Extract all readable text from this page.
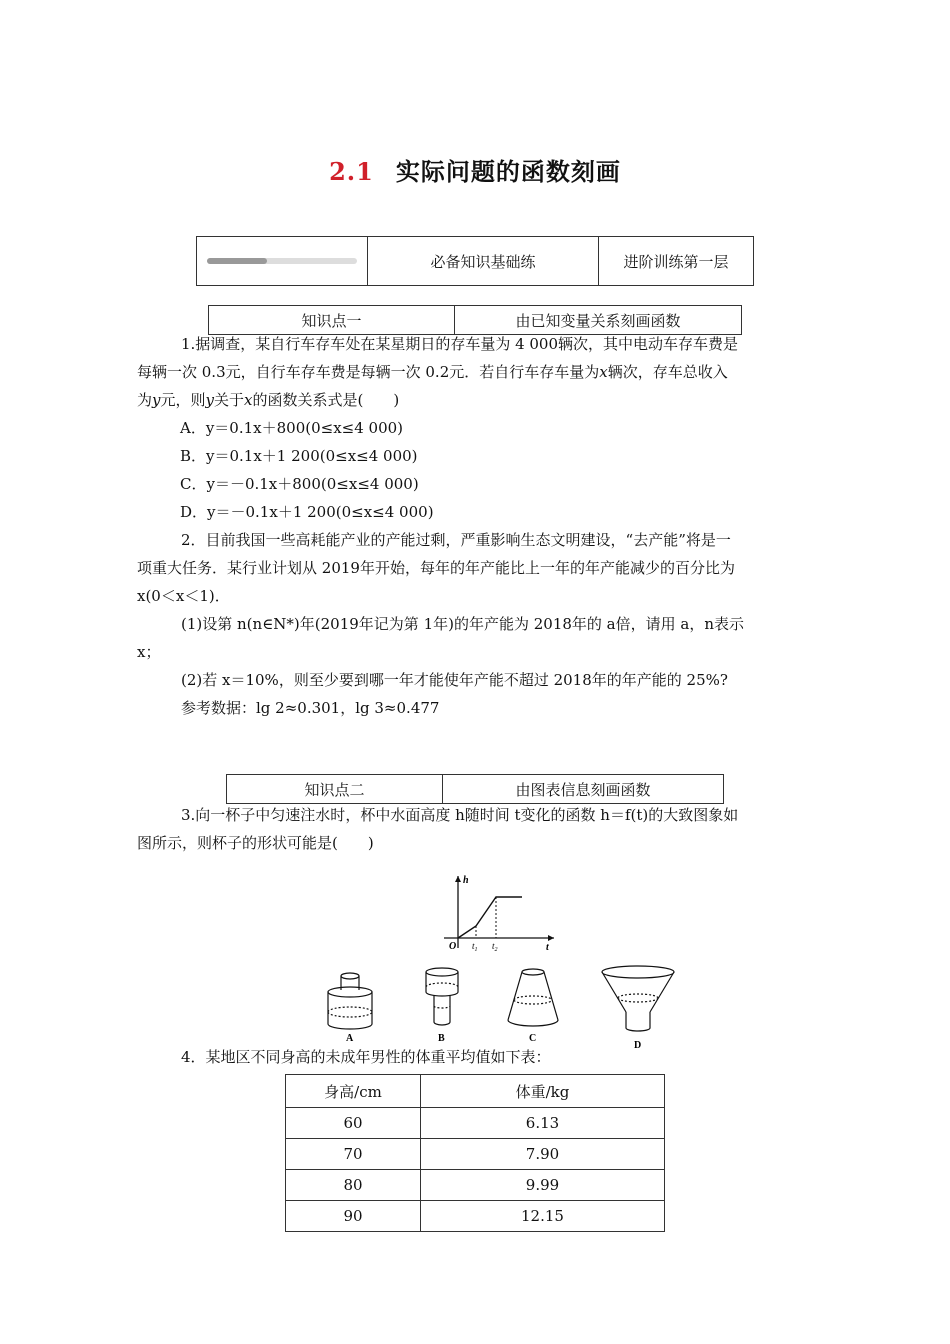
2.1 实际问题的函数刻画
必备知识基础练	进阶训练第一层
知识点一	由已知变量关系刻画函数
1.据调查，某自行车存车处在某星期日的存车量为 4 000辆次，其中电动车存车费是
每辆一次 0.3元，自行车存车费是每辆一次 0.2元．若自行车存车量为x辆次，存车总收入
为y元，则y关于x的函数关系式是(　　)
A．y＝0.1x＋800(0≤x≤4 000)
B．y＝0.1x＋1 200(0≤x≤4 000)
C．y＝－0.1x＋800(0≤x≤4 000)
D．y＝－0.1x＋1 200(0≤x≤4 000)
2．目前我国一些高耗能产业的产能过剩，严重影响生态文明建设，“去产能”将是一
项重大任务．某行业计划从 2019年开始，每年的年产能比上一年的年产能减少的百分比为
x(0＜x＜1)．
(1)设第 n(n∈N*)年(2019年记为第 1年)的年产能为 2018年的 a倍，请用 a，n表示
x；
(2)若 x＝10%，则至少要到哪一年才能使年产能不超过 2018年的年产能的 25%?
参考数据：lg 2≈0.301，lg 3≈0.477
知识点二	由图表信息刻画函数
3.向一杯子中匀速注水时，杯中水面高度 h随时间 t变化的函数 h＝f(t)的大致图象如
图所示，则杯子的形状可能是(　　)
h
t
O $t_1$ $t_2$
A	B	C
D
4．某地区不同身高的未成年男性的体重平均值如下表：
身高/cm	体重/kg
60	6.13
70	7.90
80	9.99
90	12.15
